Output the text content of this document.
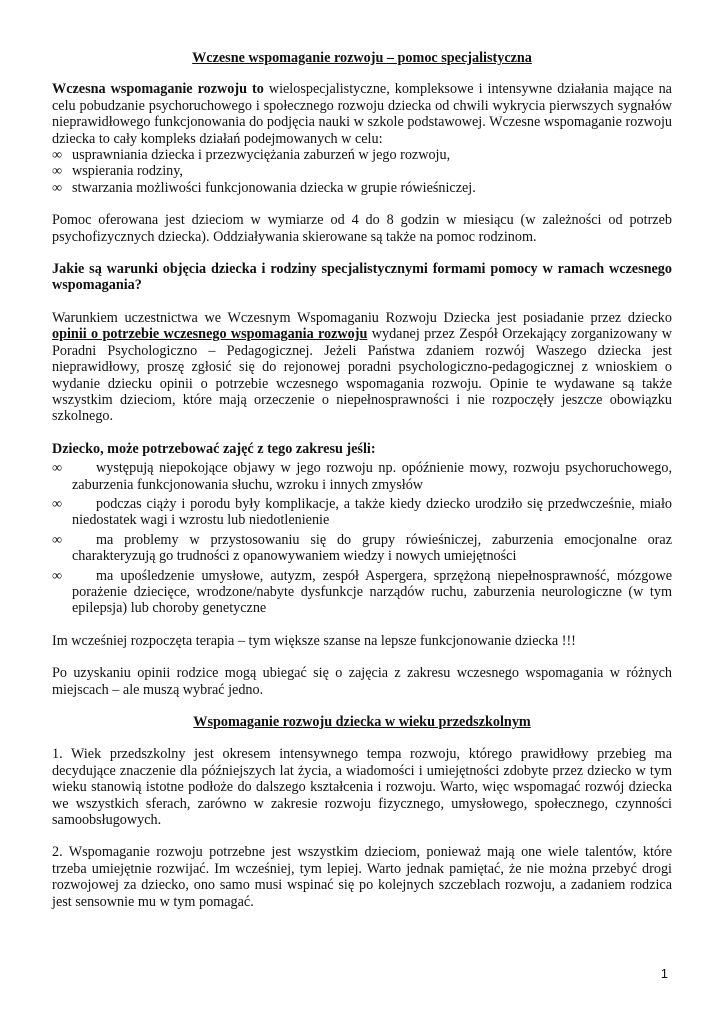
Wczesne wspomaganie rozwoju – pomoc specjalistyczna

Wczesna wspomaganie rozwoju to wielospecjalistyczne, kompleksowe i intensywne działania mające na celu pobudzanie psychoruchowego i społecznego rozwoju dziecka od chwili wykrycia pierwszych sygnałów nieprawidłowego funkcjonowania do podjęcia nauki w szkole podstawowej. Wczesne wspomaganie rozwoju dziecka to cały kompleks działań podejmowanych w celu:

∞ usprawniania dziecka i przezwyciężania zaburzeń w jego rozwoju,
∞ wspierania rodziny,
∞ stwarzania możliwości funkcjonowania dziecka w grupie rówieśniczej.

Pomoc oferowana jest dzieciom w wymiarze od 4 do 8 godzin w miesiącu (w zależności od potrzeb psychofizycznych dziecka). Oddziaływania skierowane są także na pomoc rodzinom.

Jakie są warunki objęcia dziecka i rodziny specjalistycznymi formami pomocy w ramach wczesnego wspomagania?

Warunkiem uczestnictwa we Wczesnym Wspomaganiu Rozwoju Dziecka jest posiadanie przez dziecko opinii o potrzebie wczesnego wspomagania rozwoju wydanej przez Zespół Orzekający zorganizowany w Poradni Psychologiczno – Pedagogicznej. Jeżeli Państwa zdaniem rozwój Waszego dziecka jest nieprawidłowy, proszę zgłosić się do rejonowej poradni psychologiczno-pedagogicznej z wnioskiem o wydanie dziecku opinii o potrzebie wczesnego wspomagania rozwoju. Opinie te wydawane są także wszystkim dzieciom, które mają orzeczenie o niepełnosprawności i nie rozpoczęły jeszcze obowiązku szkolnego.

Dziecko, może potrzebować zajęć z tego zakresu jeśli:

∞ występują niepokojące objawy w jego rozwoju np. opóźnienie mowy, rozwoju psychoruchowego, zaburzenia funkcjonowania słuchu, wzroku i innych zmysłów
∞ podczas ciąży i porodu były komplikacje, a także kiedy dziecko urodziło się przedwcześnie, miało niedostatek wagi i wzrostu lub niedotlenienie
∞ ma problemy w przystosowaniu się do grupy rówieśniczej, zaburzenia emocjonalne oraz charakteryzują go trudności z opanowywaniem wiedzy i nowych umiejętności
∞ ma upośledzenie umysłowe, autyzm, zespół Aspergera, sprzężoną niepełnosprawność, mózgowe porażenie dziecięce, wrodzone/nabyte dysfunkcje narządów ruchu, zaburzenia neurologiczne (w tym epilepsja) lub choroby genetyczne

Im wcześniej rozpoczęta terapia – tym większe szanse na lepsze funkcjonowanie dziecka !!!

Po uzyskaniu opinii rodzice mogą ubiegać się o zajęcia z zakresu wczesnego wspomagania w różnych miejscach – ale muszą wybrać jedno.

Wspomaganie rozwoju dziecka w wieku przedszkolnym

1. Wiek przedszkolny jest okresem intensywnego tempa rozwoju, którego prawidłowy przebieg ma decydujące znaczenie dla późniejszych lat życia, a wiadomości i umiejętności zdobyte przez dziecko w tym wieku stanowią istotne podłoże do dalszego kształcenia i rozwoju. Warto, więc wspomagać rozwój dziecka we wszystkich sferach, zarówno w zakresie rozwoju fizycznego, umysłowego, społecznego, czynności samoobsługowych.

2. Wspomaganie rozwoju potrzebne jest wszystkim dzieciom, ponieważ mają one wiele talentów, które trzeba umiejętnie rozwijać. Im wcześniej, tym lepiej. Warto jednak pamiętać, że nie można przebyć drogi rozwojowej za dziecko, ono samo musi wspinać się po kolejnych szczeblach rozwoju, a zadaniem rodzica jest sensownie mu w tym pomagać.

1
